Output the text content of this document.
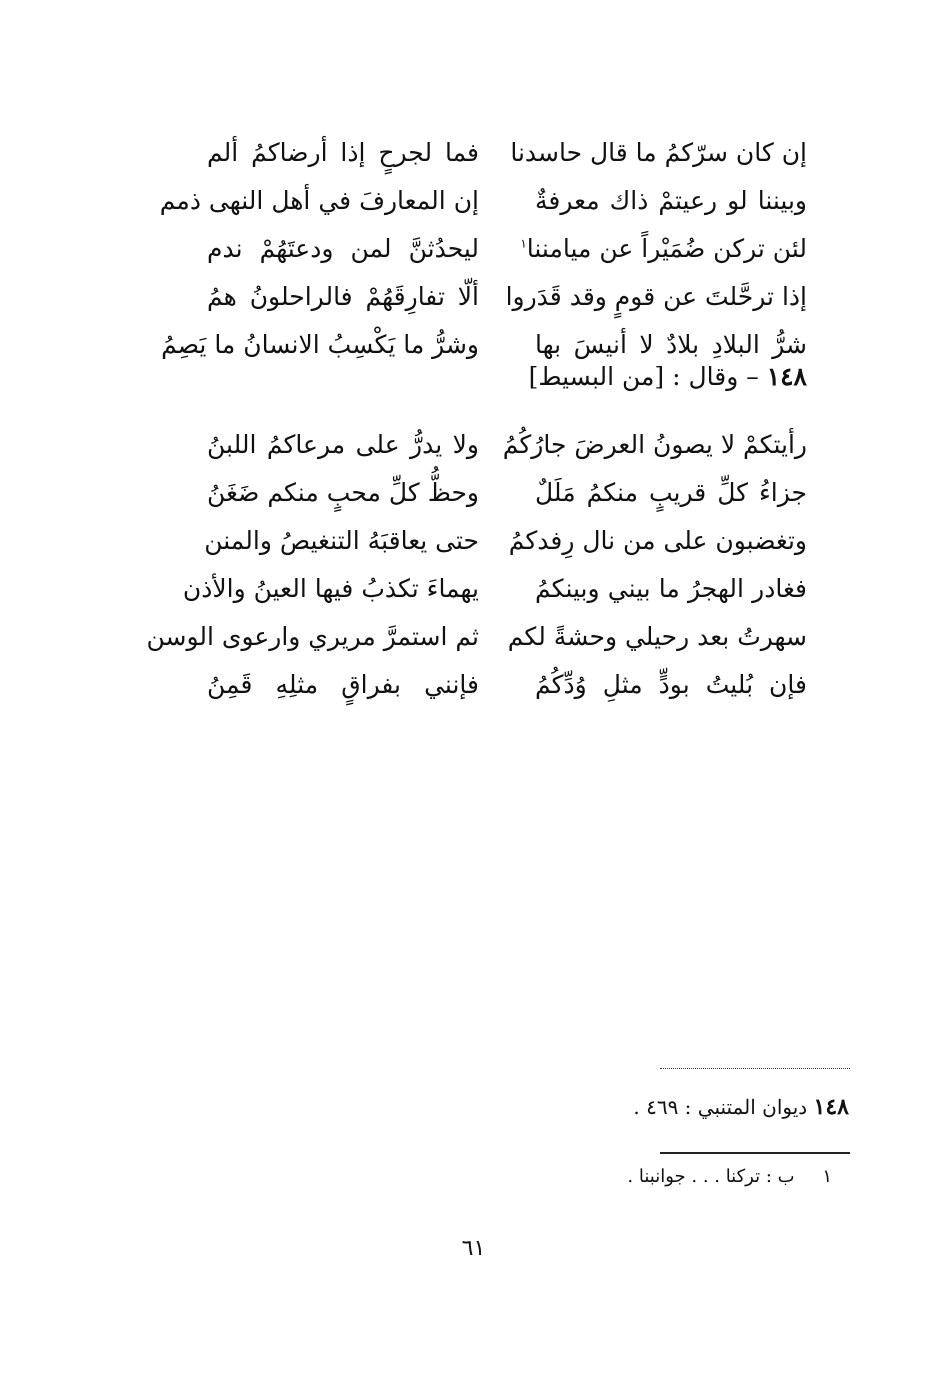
إن كان سرّكمُ ما قال حاسدنا
فما لجرحٍ إذا أرضاكمُ ألم
وبيننا لو رعيتمْ ذاك معرفةٌ
إن المعارفَ في أهل النهى ذمم
لئن تركن ضُمَيْراً عن ميامننا$^١$
ليحدُثنَّ لمن ودعتَهُمْ ندم
إذا ترحَّلتَ عن قومٍ وقد قَدَروا
ألّا تفارِقَهُمْ فالراحلونُ همُ
شرُّ البلادِ بلادٌ لا أنيسَ بها
وشرُّ ما يَكْسِبُ الانسانُ ما يَصِمُ
١٤٨ – وقال : [من البسيط]
رأيتكمْ لا يصونُ العرضَ جارُكُمُ
ولا يدرُّ على مرعاكمُ اللبنُ
جزاءُ كلِّ قريبٍ منكمُ مَلَلٌ
وحظُّ كلِّ محبٍ منكم ضَغَنُ
وتغضبون على من نال رِفدكمُ
حتى يعاقبَهُ التنغيصُ والمنن
فغادر الهجرُ ما بيني وبينكمُ
يهماءَ تكذبُ فيها العينُ والأذن
سهرتُ بعد رحيلي وحشةً لكم
ثم استمرَّ مريري وارعوى الوسن
فإن بُليتُ بودٍّ مثلِ وُدِّكُمُ
فإنني بفراقٍ مثلِهِ قَمِنُ
١٤٨ ديوان المتنبي : ٤٦٩ .
١ ب : تركنا . . . جوانبنا .
٦١
